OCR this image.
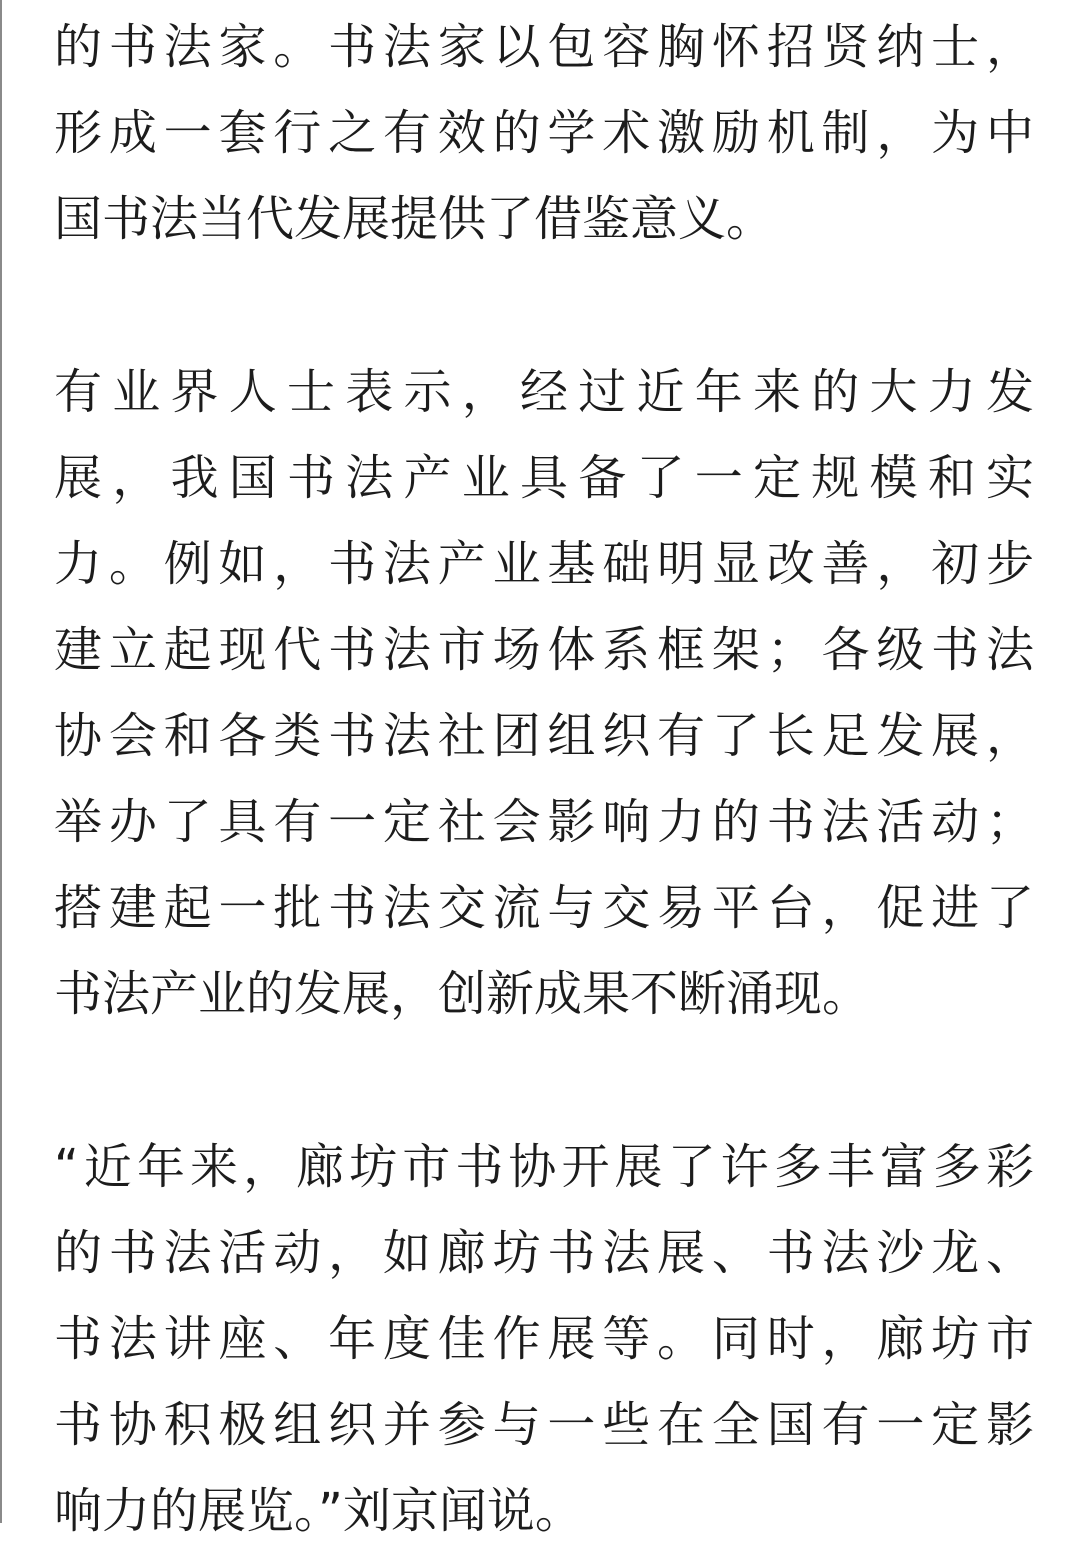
的书法家。书法家以包容胸怀招贤纳士，
形成一套行之有效的学术激励机制，为中
国书法当代发展提供了借鉴意义。
有业界人士表示，经过近年来的大力发
展，我国书法产业具备了一定规模和实
力。例如，书法产业基础明显改善，初步
建立起现代书法市场体系框架；各级书法
协会和各类书法社团组织有了长足发展，
举办了具有一定社会影响力的书法活动；
搭建起一批书法交流与交易平台，促进了
书法产业的发展，创新成果不断涌现。
“近年来，廊坊市书协开展了许多丰富多彩
的书法活动，如廊坊书法展、书法沙龙、
书法讲座、年度佳作展等。同时，廊坊市
书协积极组织并参与一些在全国有一定影
响力的展览。”刘京闻说。
